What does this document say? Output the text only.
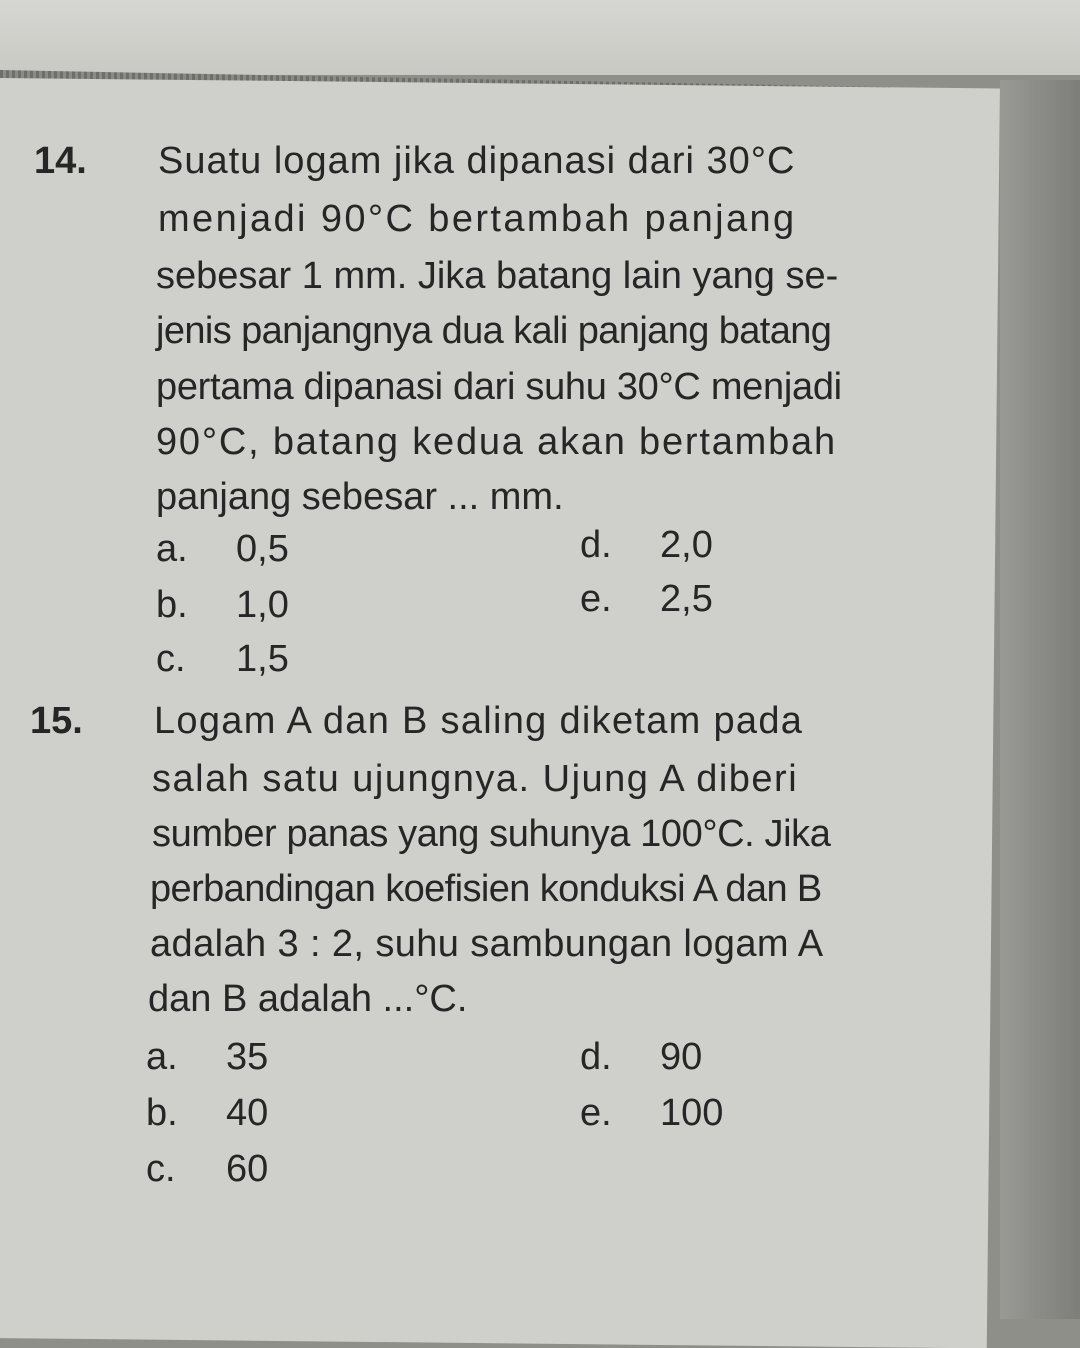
14. Suatu logam jika dipanasi dari 30°C
menjadi 90°C bertambah panjang
sebesar 1 mm. Jika batang lain yang se-
jenis panjangnya dua kali panjang batang
pertama dipanasi dari suhu 30°C menjadi
90°C, batang kedua akan bertambah
panjang sebesar ... mm.
a. 0,5
b. 1,0
c. 1,5
d. 2,0
e. 2,5
15. Logam A dan B saling diketam pada
salah satu ujungnya. Ujung A diberi
sumber panas yang suhunya 100°C. Jika
perbandingan koefisien konduksi A dan B
adalah 3 : 2, suhu sambungan logam A
dan B adalah ...°C.
a. 35
b. 40
c. 60
d. 90
e. 100
